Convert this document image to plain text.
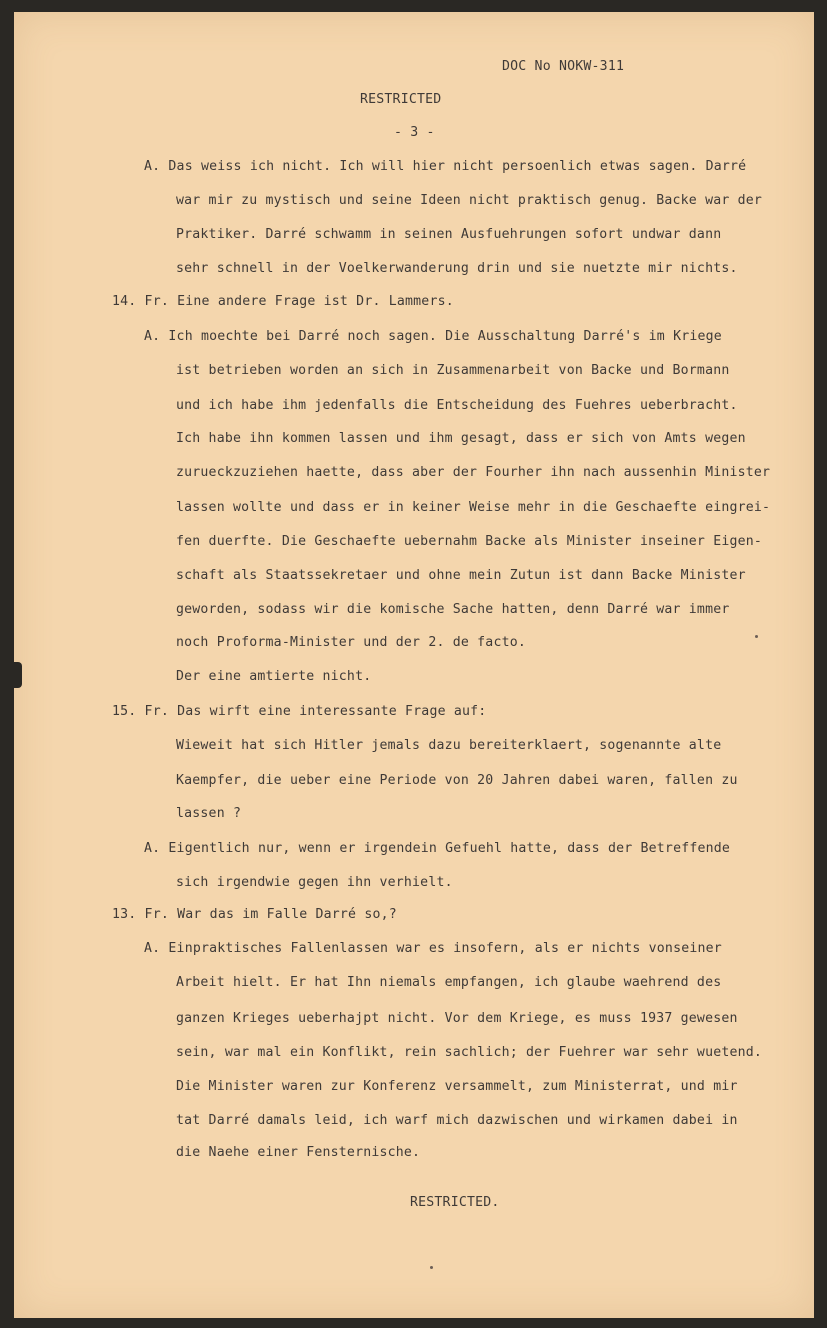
DOC No NOKW-311
RESTRICTED
- 3 -
A. Das weiss ich nicht. Ich will hier nicht persoenlich etwas sagen. Darré
war mir zu mystisch und seine Ideen nicht praktisch genug. Backe war der
Praktiker. Darré schwamm in seinen Ausfuehrungen sofort undwar dann
sehr schnell in der Voelkerwanderung drin und sie nuetzte mir nichts.
14. Fr. Eine andere Frage ist Dr. Lammers.
A. Ich moechte bei Darré noch sagen. Die Ausschaltung Darré's im Kriege
ist betrieben worden an sich in Zusammenarbeit von Backe und Bormann
und ich habe ihm jedenfalls die Entscheidung des Fuehres ueberbracht.
Ich habe ihn kommen lassen und ihm gesagt, dass er sich von Amts wegen
zurueckzuziehen haette, dass aber der Fourher ihn nach aussenhin Minister
lassen wollte und dass er in keiner Weise mehr in die Geschaefte eingrei-
fen duerfte. Die Geschaefte uebernahm Backe als Minister inseiner Eigen-
schaft als Staatssekretaer und ohne mein Zutun ist dann Backe Minister
geworden, sodass wir die komische Sache hatten, denn Darré war immer
noch Proforma-Minister und der 2. de facto.
Der eine amtierte nicht.
15. Fr. Das wirft eine interessante Frage auf:
Wieweit hat sich Hitler jemals dazu bereiterklaert, sogenannte alte
Kaempfer, die ueber eine Periode von 20 Jahren dabei waren, fallen zu
lassen ?
A. Eigentlich nur, wenn er irgendein Gefuehl hatte, dass der Betreffende
sich irgendwie gegen ihn verhielt.
13. Fr. War das im Falle Darré so,?
A. Einpraktisches Fallenlassen war es insofern, als er nichts vonseiner
Arbeit hielt. Er hat Ihn niemals empfangen, ich glaube waehrend des
ganzen Krieges ueberhajpt nicht. Vor dem Kriege, es muss 1937 gewesen
sein, war mal ein Konflikt, rein sachlich; der Fuehrer war sehr wuetend.
Die Minister waren zur Konferenz versammelt, zum Ministerrat, und mir
tat Darré damals leid, ich warf mich dazwischen und wirkamen dabei in
die Naehe einer Fensternische.
RESTRICTED.
